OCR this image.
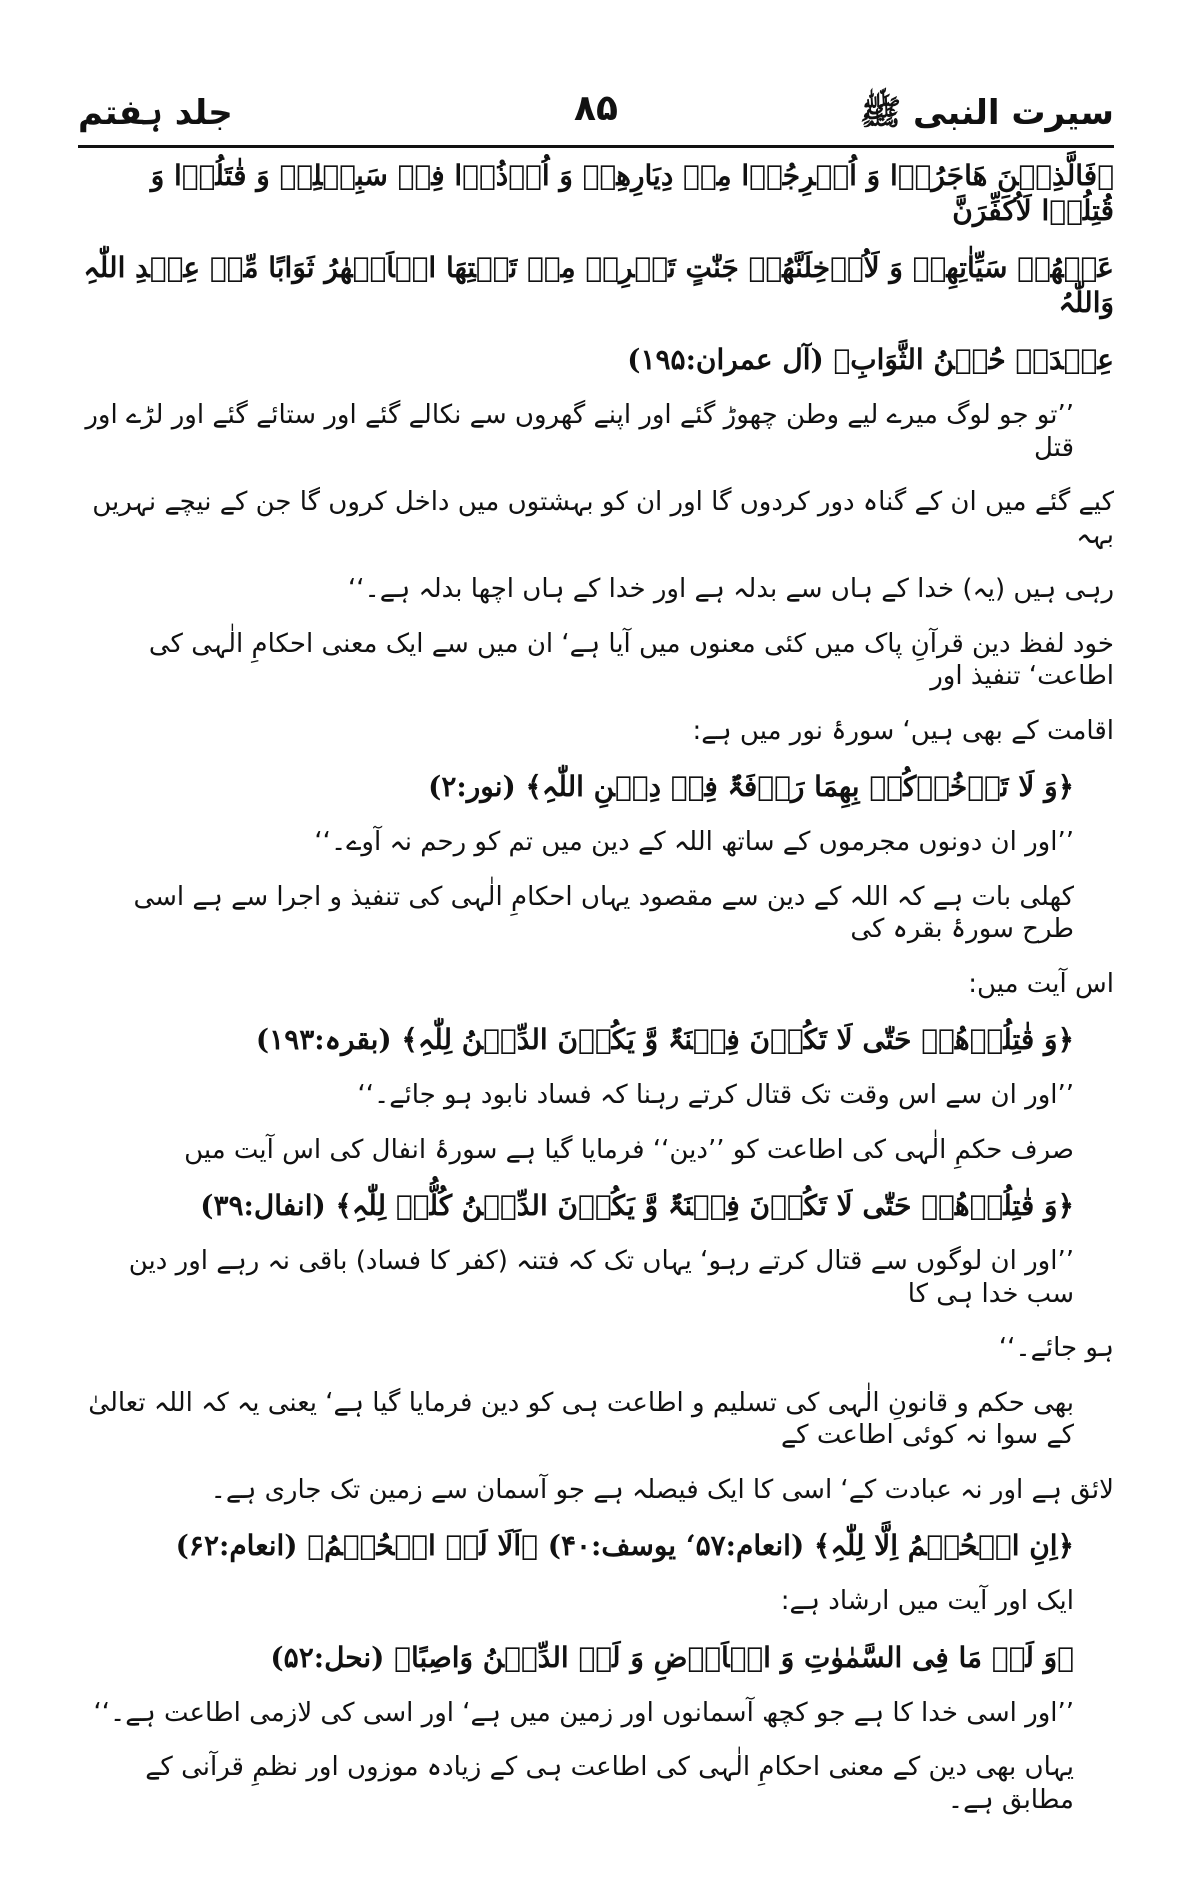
سیرت النبی ﷺ
۸۵
جلد ہفتم
﴿فَالَّذِیۡنَ ھَاجَرُوۡا وَ اُخۡرِجُوۡا مِنۡ دِیَارِھِمۡ وَ اُوۡذُوۡا فِیۡ سَبِیۡلِیۡ وَ قٰتَلُوۡا وَ قُتِلُوۡا لَاُکَفِّرَنَّ
عَنۡھُمۡ سَیِّاٰتِھِمۡ وَ لَاُدۡخِلَنَّھُمۡ جَنّٰتٍ تَجۡرِیۡ مِنۡ تَحۡتِھَا الۡاَنۡھٰرُ ثَوَابًا مِّنۡ عِنۡدِ اللّٰہِ وَاللّٰہُ
عِنۡدَہٗ حُسۡنُ الثَّوَابِ﴾ (آل عمران:۱۹۵)
’’تو جو لوگ میرے لیے وطن چھوڑ گئے اور اپنے گھروں سے نکالے گئے اور ستائے گئے اور لڑے اور قتل
کیے گئے میں ان کے گناہ دور کردوں گا اور ان کو بہشتوں میں داخل کروں گا جن کے نیچے نہریں بہہ
رہی ہیں (یہ) خدا کے ہاں سے بدلہ ہے اور خدا کے ہاں اچھا بدلہ ہے۔‘‘
خود لفظ دین قرآنِ پاک میں کئی معنوں میں آیا ہے‘ ان میں سے ایک معنی احکامِ الٰہی کی اطاعت‘ تنفیذ اور
اقامت کے بھی ہیں‘ سورۂ نور میں ہے:
﴿وَ لَا تَاۡخُذۡکُمۡ بِھِمَا رَاۡفَۃٌ فِیۡ دِیۡنِ اللّٰہِ﴾ (نور:۲)
’’اور ان دونوں مجرموں کے ساتھ اللہ کے دین میں تم کو رحم نہ آوے۔‘‘
کھلی بات ہے کہ اللہ کے دین سے مقصود یہاں احکامِ الٰہی کی تنفیذ و اجرا سے ہے اسی طرح سورۂ بقرہ کی
اس آیت میں:
﴿وَ قٰتِلُوۡھُمۡ حَتّٰی لَا تَکُوۡنَ فِتۡنَۃٌ وَّ یَکُوۡنَ الدِّیۡنُ لِلّٰہِ﴾ (بقرہ:۱۹۳)
’’اور ان سے اس وقت تک قتال کرتے رہنا کہ فساد نابود ہو جائے۔‘‘
صرف حکمِ الٰہی کی اطاعت کو ’’دین‘‘ فرمایا گیا ہے سورۂ انفال کی اس آیت میں
﴿وَ قٰتِلُوۡھُمۡ حَتّٰی لَا تَکُوۡنَ فِتۡنَۃٌ وَّ یَکُوۡنَ الدِّیۡنُ کُلُّہٗ لِلّٰہِ﴾ (انفال:۳۹)
’’اور ان لوگوں سے قتال کرتے رہو‘ یہاں تک کہ فتنہ (کفر کا فساد) باقی نہ رہے اور دین سب خدا ہی کا
ہو جائے۔‘‘
بھی حکم و قانونِ الٰہی کی تسلیم و اطاعت ہی کو دین فرمایا گیا ہے‘ یعنی یہ کہ اللہ تعالیٰ کے سوا نہ کوئی اطاعت کے
لائق ہے اور نہ عبادت کے‘ اسی کا ایک فیصلہ ہے جو آسمان سے زمین تک جاری ہے۔
﴿اِنِ الۡحُکۡمُ اِلَّا لِلّٰہِ﴾ (انعام:۵۷‘ یوسف:۴۰) ﴿اَلَا لَہُ الۡحُکۡمُ﴾ (انعام:۶۲)
ایک اور آیت میں ارشاد ہے:
﴿وَ لَہٗ مَا فِی السَّمٰوٰتِ وَ الۡاَرۡضِ وَ لَہُ الدِّیۡنُ وَاصِبًا﴾ (نحل:۵۲)
’’اور اسی خدا کا ہے جو کچھ آسمانوں اور زمین میں ہے‘ اور اسی کی لازمی اطاعت ہے۔‘‘
یہاں بھی دین کے معنی احکامِ الٰہی کی اطاعت ہی کے زیادہ موزوں اور نظمِ قرآنی کے مطابق ہے۔
